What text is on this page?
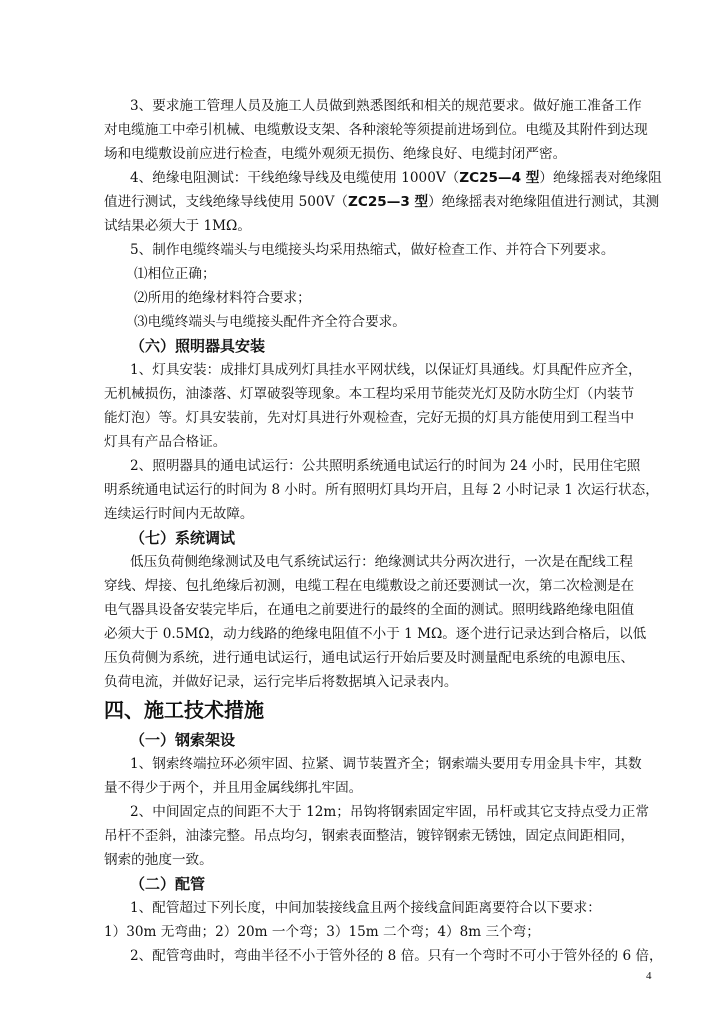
3、要求施工管理人员及施工人员做到熟悉图纸和相关的规范要求。做好施工准备工作
对电缆施工中牵引机械、电缆敷设支架、各种滚轮等须提前进场到位。电缆及其附件到达现
场和电缆敷设前应进行检查，电缆外观须无损伤、绝缘良好、电缆封闭严密。
4、绝缘电阻测试：干线绝缘导线及电缆使用 1000V（ZC25—4 型）绝缘摇表对绝缘阻
值进行测试，支线绝缘导线使用 500V（ZC25—3 型）绝缘摇表对绝缘阻值进行测试，其测
试结果必须大于 1MΩ。
5、制作电缆终端头与电缆接头均采用热缩式，做好检查工作、并符合下列要求。
⑴相位正确；
⑵所用的绝缘材料符合要求；
⑶电缆终端头与电缆接头配件齐全符合要求。
（六）照明器具安装
1、灯具安装：成排灯具成列灯具挂水平网状线，以保证灯具通线。灯具配件应齐全，
无机械损伤，油漆落、灯罩破裂等现象。本工程均采用节能荧光灯及防水防尘灯（内装节
能灯泡）等。灯具安装前，先对灯具进行外观检查，完好无损的灯具方能使用到工程当中
灯具有产品合格证。
2、照明器具的通电试运行：公共照明系统通电试运行的时间为 24 小时，民用住宅照
明系统通电试运行的时间为 8 小时。所有照明灯具均开启，且每 2 小时记录 1 次运行状态，
连续运行时间内无故障。
（七）系统调试
低压负荷侧绝缘测试及电气系统试运行：绝缘测试共分两次进行，一次是在配线工程
穿线、焊接、包扎绝缘后初测，电缆工程在电缆敷设之前还要测试一次，第二次检测是在
电气器具设备安装完毕后，在通电之前要进行的最终的全面的测试。照明线路绝缘电阻值
必须大于 0.5MΩ，动力线路的绝缘电阻值不小于 1 MΩ。逐个进行记录达到合格后，以低
压负荷侧为系统，进行通电试运行，通电试运行开始后要及时测量配电系统的电源电压、
负荷电流，并做好记录，运行完毕后将数据填入记录表内。
四、施工技术措施
（一）钢索架设
1、钢索终端拉环必须牢固、拉紧、调节装置齐全；钢索端头要用专用金具卡牢，其数
量不得少于两个，并且用金属线绑扎牢固。
2、中间固定点的间距不大于 12m；吊钩将钢索固定牢固，吊杆或其它支持点受力正常
吊杆不歪斜，油漆完整。吊点均匀，钢索表面整洁，镀锌钢索无锈蚀，固定点间距相同，
钢索的弛度一致。
（二）配管
1、配管超过下列长度，中间加装接线盒且两个接线盒间距离要符合以下要求：
1）30m 无弯曲；2）20m 一个弯；3）15m 二个弯；4）8m 三个弯；
2、配管弯曲时，弯曲半径不小于管外径的 8 倍。只有一个弯时不可小于管外径的 6 倍，
4
